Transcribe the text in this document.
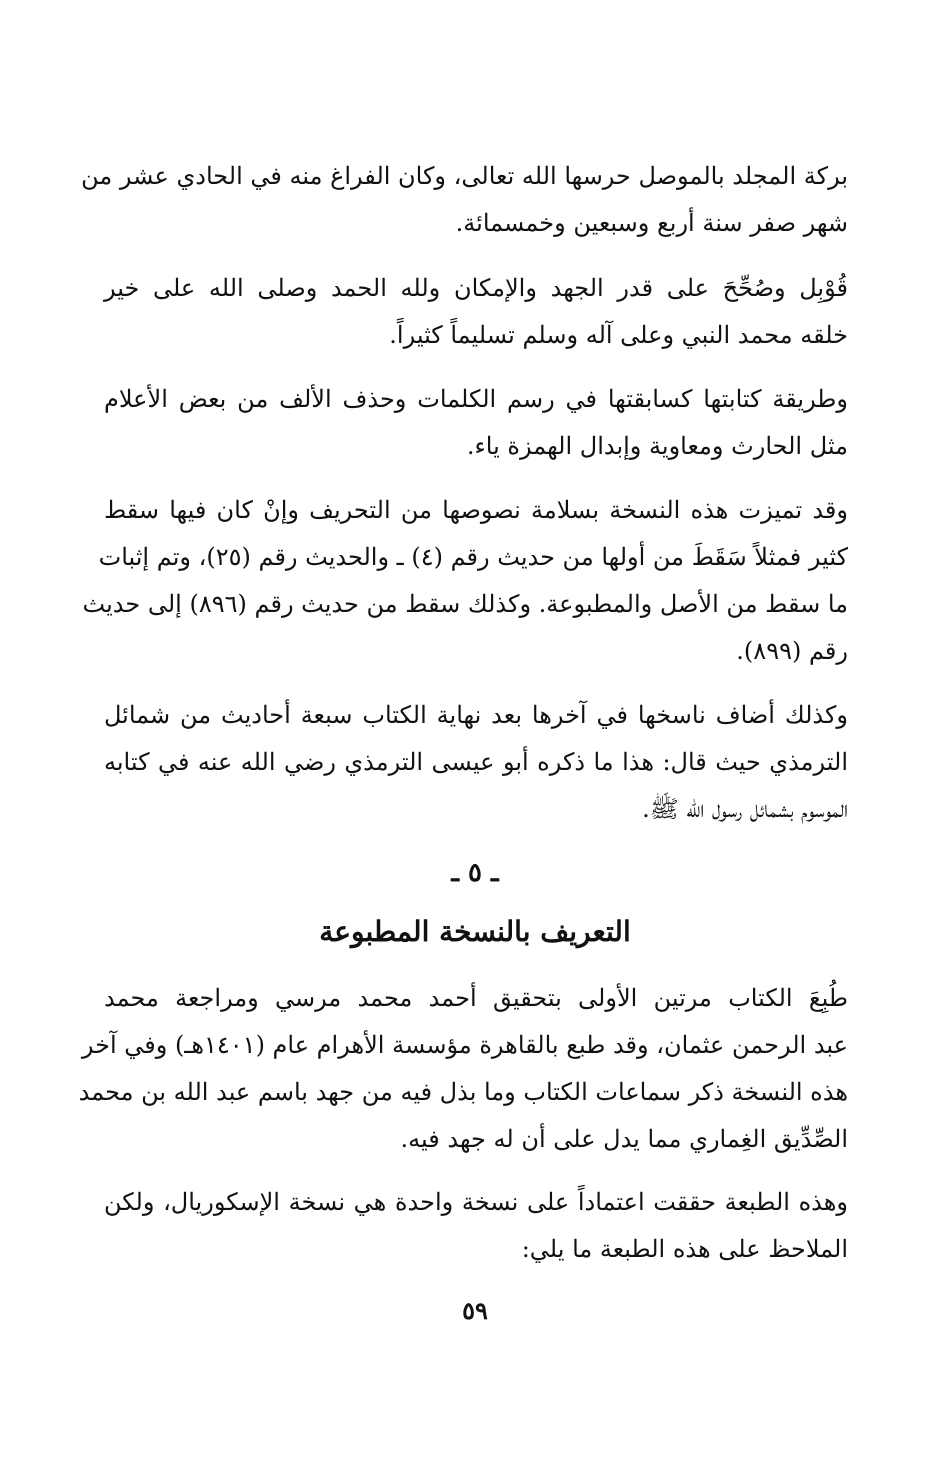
بركة المجلد بالموصل حرسها الله تعالى، وكان الفراغ منه في الحادي عشر من
شهر صفر سنة أربع وسبعين وخمسمائة.
قُوْبِل وصُحِّحَ على قدر الجهد والإمكان ولله الحمد وصلى الله على خير
خلقه محمد النبي وعلى آله وسلم تسليماً كثيراً.
وطريقة كتابتها كسابقتها في رسم الكلمات وحذف الألف من بعض الأعلام
مثل الحارث ومعاوية وإبدال الهمزة ياء.
وقد تميزت هذه النسخة بسلامة نصوصها من التحريف وإنْ كان فيها سقط
كثير فمثلاً سَقَطَ من أولها من حديث رقم (٤) ـ والحديث رقم (٢٥)، وتم إثبات
ما سقط من الأصل والمطبوعة. وكذلك سقط من حديث رقم (٨٩٦) إلى حديث
رقم (٨٩٩).
وكذلك أضاف ناسخها في آخرها بعد نهاية الكتاب سبعة أحاديث من شمائل
الترمذي حيث قال: هذا ما ذكره أبو عيسى الترمذي رضي الله عنه في كتابه
الموسوم بشمائل رسول الله ﷺ.
ـ ٥ ـ
التعريف بالنسخة المطبوعة
طُبِعَ الكتاب مرتين الأولى بتحقيق أحمد محمد مرسي ومراجعة محمد
عبد الرحمن عثمان، وقد طبع بالقاهرة مؤسسة الأهرام عام (١٤٠١هـ) وفي آخر
هذه النسخة ذكر سماعات الكتاب وما بذل فيه من جهد باسم عبد الله بن محمد
الصِّدِّيق الغِماري مما يدل على أن له جهد فيه.
وهذه الطبعة حققت اعتماداً على نسخة واحدة هي نسخة الإسكوريال، ولكن
الملاحظ على هذه الطبعة ما يلي:
٥٩
